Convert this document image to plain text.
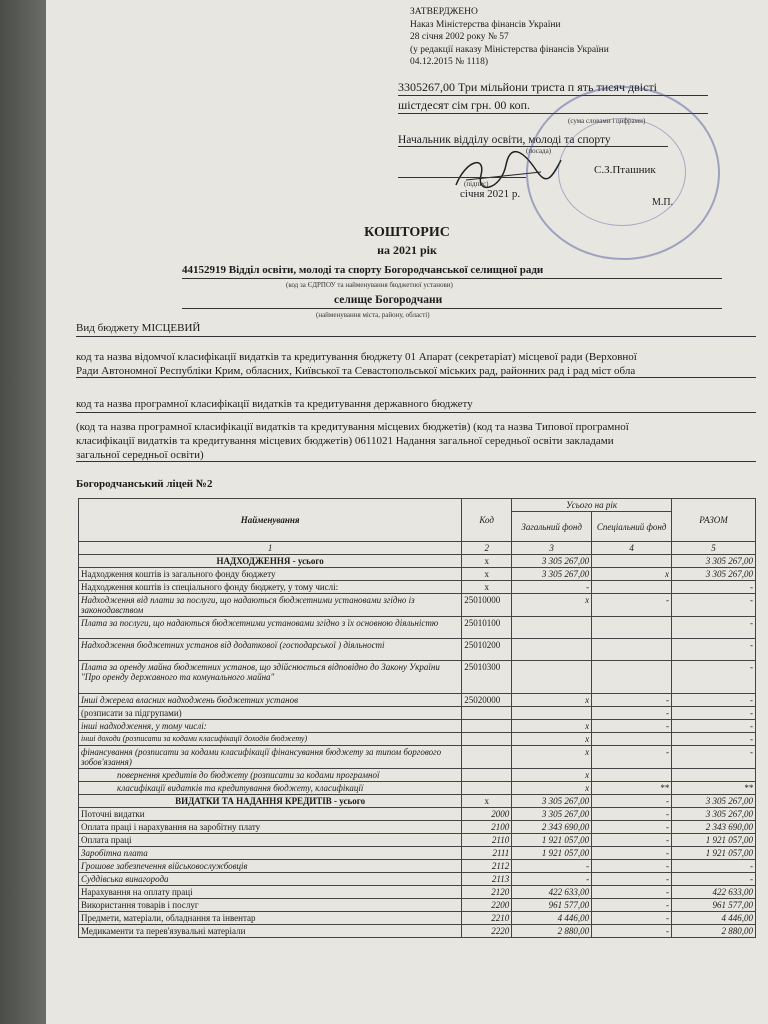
ЗАТВЕРДЖЕНО
Наказ Міністерства фінансів України
28 січня 2002 року № 57
(у редакції наказу Міністерства фінансів України
04.12.2015 № 1118)
3305267,00 Три мільйони триста п ять тисяч двісті
шістдесят сім грн. 00 коп.
(сума словами і цифрами)
Начальник відділу освіти, молоді та спорту
(посада)
С.З.Пташник
(підпис)
січня 2021 р.
М.П.
КОШТОРИС
на 2021 рік
44152919 Відділ освіти, молоді та спорту Богородчанської селищної ради
(код за ЄДРПОУ та найменування бюджетної установи)
селище Богородчани
(найменування міста, району, області)
Вид бюджету МІСЦЕВИЙ
код та назва відомчої класифікації видатків та кредитування бюджету 01 Апарат (секретаріат) місцевої ради (Верховної
Ради Автономної Республіки Крим, обласних, Київської та Севастопольської міських рад, районних рад і рад міст обла
код та назва програмної класифікації видатків та кредитування державного бюджету
(код та назва програмної класифікації видатків та кредитування місцевих бюджетів) (код та назва Типової програмної
класифікації видатків та кредитування місцевих бюджетів) 0611021 Надання загальної середньої освіти закладами
загальної середньої освіти)
Богородчанський ліцей №2
Найменування	Код	Усього на рік		РАЗОМ
		Загальний фонд	Спеціальний фонд	
1	2	3	4	5
НАДХОДЖЕННЯ - усього	х	3 305 267,00		3 305 267,00
Надходження коштів із загального фонду бюджету	х	3 305 267,00	х	3 305 267,00
Надходження коштів із спеціального фонду бюджету, у тому числі:	х	-		-
Надходження від плати за послуги, що надаються бюджетними установами згідно із законодавством	25010000	х	-	-
Плата за послуги, що надаються бюджетними установами згідно з їх основною діяльністю	25010100			-
Надходження бюджетних установ від додаткової (господарської ) діяльності	25010200			-
Плата за оренду майна бюджетних установ, що здійснюється відповідно до Закону України "Про оренду державного та комунального майна"	25010300			-
Інші джерела власних надходжень бюджетних установ	25020000	х	-	-
(розписати за підгрупами)			-	-
інші надходження, у тому числі:		х	-	-
інші доходи (розписати за кодами класифікації доходів бюджету)		х		-
фінансування (розписати за кодами класифікації фінансування бюджету за типом боргового зобов'язання)		х	-	-
повернення кредитів до бюджету (розписати за кодами програмної		х		
класифікації видатків та кредитування бюджету, класифікації		х	**	**
ВИДАТКИ ТА НАДАННЯ КРЕДИТІВ - усього	х	3 305 267,00	-	3 305 267,00
Поточні видатки	2000	3 305 267,00	-	3 305 267,00
Оплата праці і нарахування на заробітну плату	2100	2 343 690,00	-	2 343 690,00
Оплата праці	2110	1 921 057,00	-	1 921 057,00
Заробітна плата	2111	1 921 057,00	-	1 921 057,00
Грошове забезпечення військовослужбовців	2112	-	-	-
Суддівська винагорода	2113	-	-	-
Нарахування на оплату праці	2120	422 633,00	-	422 633,00
Використання товарів і послуг	2200	961 577,00	-	961 577,00
Предмети, матеріали, обладнання та інвентар	2210	4 446,00	-	4 446,00
Медикаменти та перев'язувальні матеріали	2220	2 880,00	-	2 880,00
